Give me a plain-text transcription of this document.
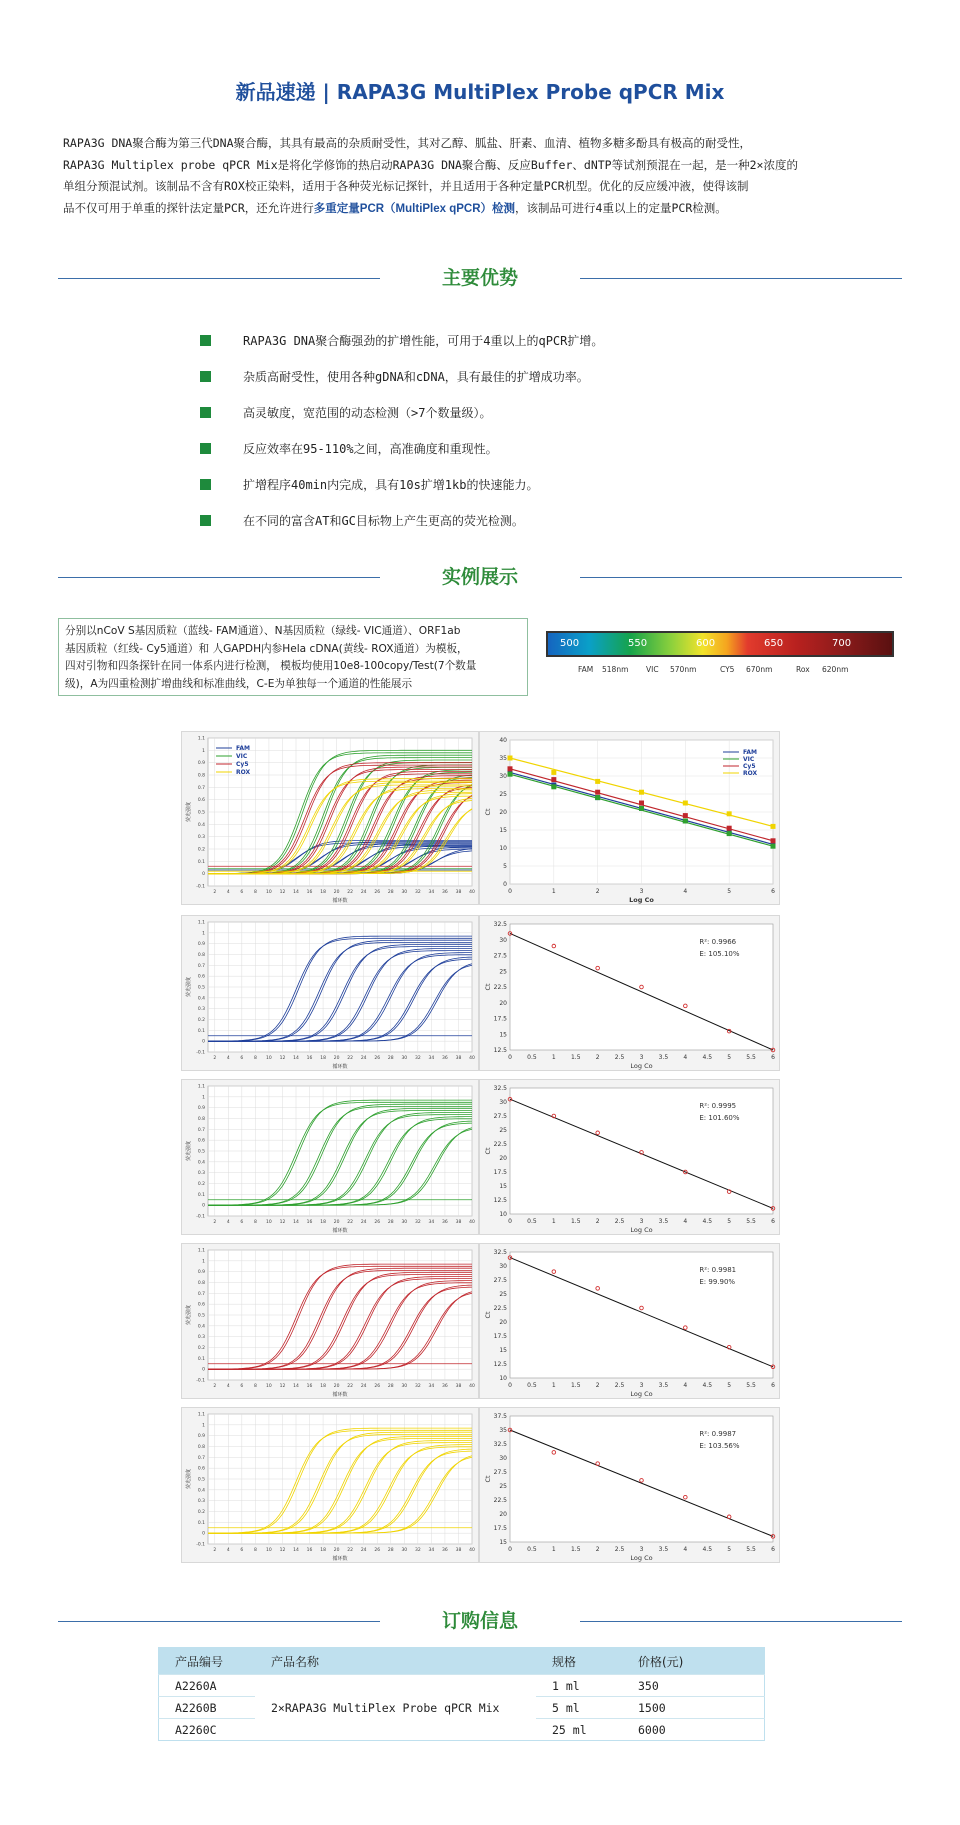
新品速递 | RAPA3G MultiPlex Probe qPCR Mix
RAPA3G DNA聚合酶为第三代DNA聚合酶，其具有最高的杂质耐受性，其对乙醇、胍盐、肝素、血清、植物多糖多酚具有极高的耐受性，
RAPA3G Multiplex probe qPCR Mix是将化学修饰的热启动RAPA3G DNA聚合酶、反应Buffer、dNTP等试剂预混在一起，是一种2×浓度的
单组分预混试剂。该制品不含有ROX校正染料，适用于各种荧光标记探针，并且适用于各种定量PCR机型。优化的反应缓冲液，使得该制
品不仅可用于单重的探针法定量PCR，还允许进行多重定量PCR（MultiPlex qPCR）检测，该制品可进行4重以上的定量PCR检测。
主要优势
RAPA3G DNA聚合酶强劲的扩增性能，可用于4重以上的qPCR扩增。
杂质高耐受性，使用各种gDNA和cDNA，具有最佳的扩增成功率。
高灵敏度，宽范围的动态检测（>7个数量级）。
反应效率在95-110%之间，高准确度和重现性。
扩增程序40min内完成，具有10s扩增1kb的快速能力。
在不同的富含AT和GC目标物上产生更高的荧光检测。
实例展示
分别以nCoV S基因质粒（蓝线- FAM通道）、N基因质粒（绿线- VIC通道）、ORF1ab
基因质粒（红线- Cy5通道）和 人GAPDH内参Hela cDNA(黄线- ROX通道）为模板，
四对引物和四条探针在同一体系内进行检测， 模板均使用10e8-100copy/Test(7个数量
级)，A为四重检测扩增曲线和标准曲线，C-E为单独每一个通道的性能展示
500	550	600	650	700
FAM 518nm VIC 570nm	CY5 670nm	Rox 620nm
2 4 6 8 10 12 14 16 18 20 22 24 26 28 30 32 34 36 38 40
-0.1
0
0.1
0.2
0.3
0.4
0.5
0.6
0.7
0.8
0.9
1
1.1
循环数
荧光强度
FAM
VIC
Cy5
ROX
0	1	2	3	4	5	6
0
5
10
15
20
25
30
35
40
Log Co
Ct
FAM
VIC
Cy5
ROX
2 4 6 8 10 12 14 16 18 20 22 24 26 28 30 32 34 36 38 40
-0.1
0
0.1
0.2
0.3
0.4
0.5
0.6
0.7
0.8
0.9
1
1.1
循环数
荧光强度
0	0.5	1	1.5	2	2.5	3	3.5	4	4.5	5	5.5	6
12.5
15
17.5
20
22.5
25
27.5
30
32.5
Log Co
Ct
R²: 0.9966
E: 105.10%
2 4 6 8 10 12 14 16 18 20 22 24 26 28 30 32 34 36 38 40
-0.1
0
0.1
0.2
0.3
0.4
0.5
0.6
0.7
0.8
0.9
1
1.1
循环数
荧光强度
0	0.5	1	1.5	2	2.5	3	3.5	4	4.5	5	5.5	6
10
12.5
15
17.5
20
22.5
25
27.5
30
32.5
Log Co
Ct
R²: 0.9995
E: 101.60%
2 4 6 8 10 12 14 16 18 20 22 24 26 28 30 32 34 36 38 40
-0.1
0
0.1
0.2
0.3
0.4
0.5
0.6
0.7
0.8
0.9
1
1.1
循环数
荧光强度
0	0.5	1	1.5	2	2.5	3	3.5	4	4.5	5	5.5	6
10
12.5
15
17.5
20
22.5
25
27.5
30
32.5
Log Co
Ct
R²: 0.9981
E: 99.90%
2 4 6 8 10 12 14 16 18 20 22 24 26 28 30 32 34 36 38 40
-0.1
0
0.1
0.2
0.3
0.4
0.5
0.6
0.7
0.8
0.9
1
1.1
循环数
荧光强度
0	0.5	1	1.5	2	2.5	3	3.5	4	4.5	5	5.5	6
15
17.5
20
22.5
25
27.5
30
32.5
35
37.5
Log Co
Ct
R²: 0.9987
E: 103.56%
订购信息
产品编号	产品名称	规格	价格(元)
A2260A	2×RAPA3G MultiPlex Probe qPCR Mix	1 ml	350
A2260B		5 ml	1500
A2260C		25 ml	6000
